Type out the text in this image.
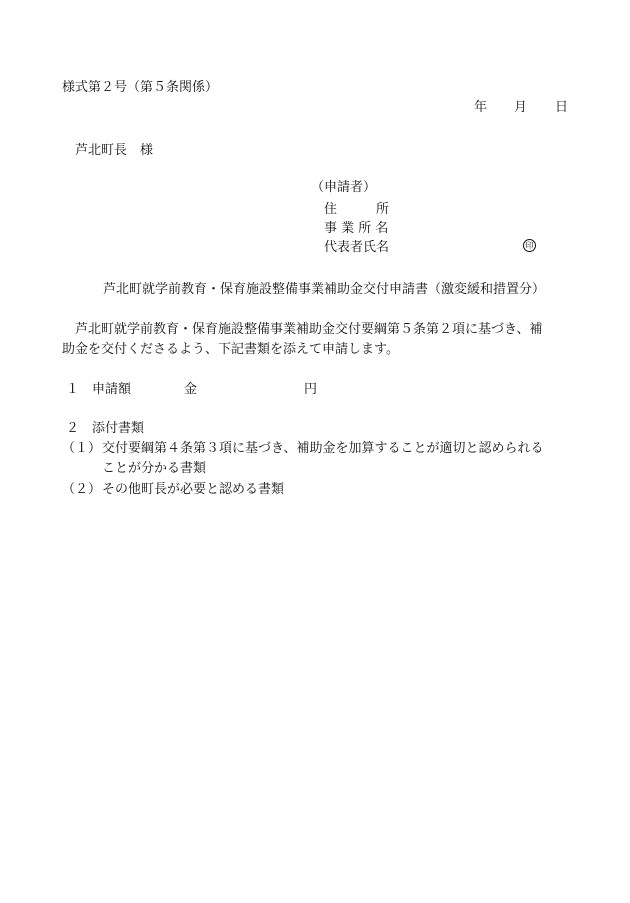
様式第２号（第５条関係）
年 月 日
芦北町長　様
（申請者）
住　　　所
事 業 所 名
代表者氏名	印
芦北町就学前教育・保育施設整備事業補助金交付申請書（激変緩和措置分）
芦北町就学前教育・保育施設整備事業補助金交付要綱第５条第２項に基づき、補
助金を交付くださるよう、下記書類を添えて申請します。
１　申請額	金	円
２　添付書類
（１） 交付要綱第４条第３項に基づき、補助金を加算することが適切と認められる
ことが分かる書類
（２） その他町長が必要と認める書類
